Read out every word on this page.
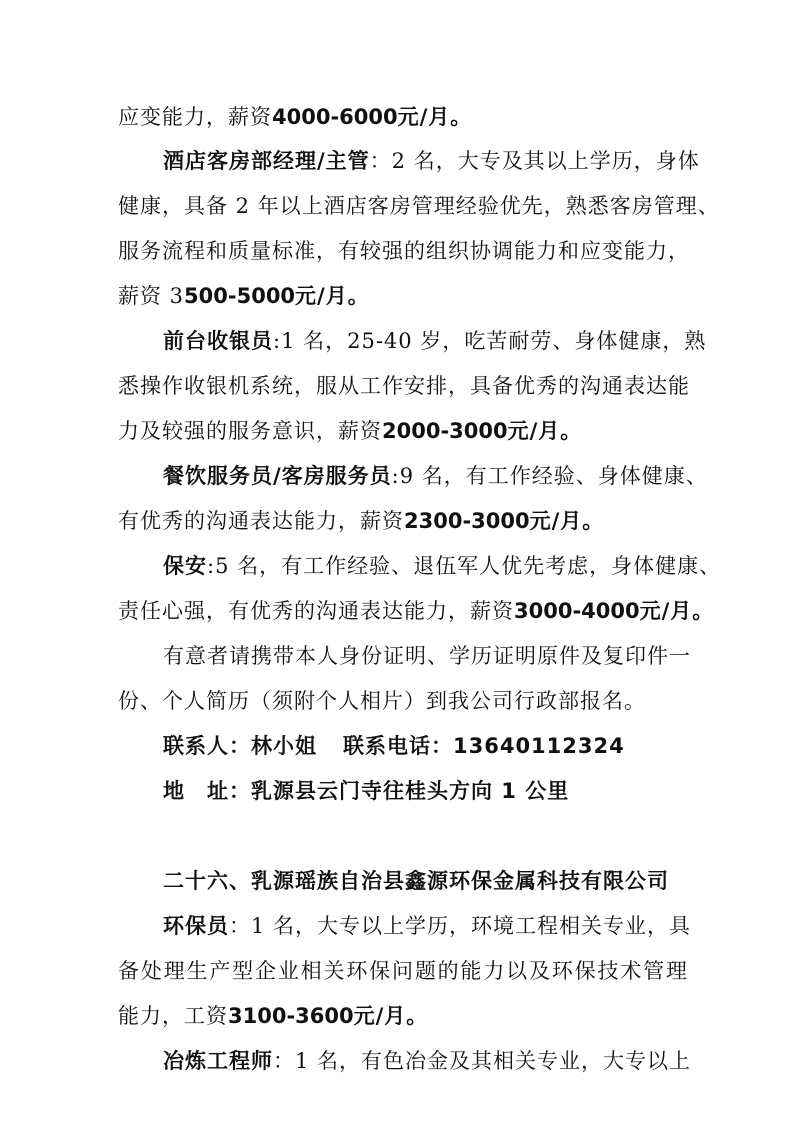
应变能力，薪资4000-6000元/月。
酒店客房部经理/主管：2 名，大专及其以上学历，身体
健康，具备 2 年以上酒店客房管理经验优先，熟悉客房管理、
服务流程和质量标准，有较强的组织协调能力和应变能力，
薪资 3500-5000元/月。
前台收银员:1 名，25-40 岁，吃苦耐劳、身体健康，熟
悉操作收银机系统，服从工作安排，具备优秀的沟通表达能
力及较强的服务意识，薪资2000-3000元/月。
餐饮服务员/客房服务员:9 名，有工作经验、身体健康、
有优秀的沟通表达能力，薪资2300-3000元/月。
保安:5 名，有工作经验、退伍军人优先考虑，身体健康、
责任心强，有优秀的沟通表达能力，薪资3000-4000元/月。
有意者请携带本人身份证明、学历证明原件及复印件一
份、个人简历（须附个人相片）到我公司行政部报名。
联系人：林小姐 联系电话：13640112324
地　址：乳源县云门寺往桂头方向 1 公里
二十六、乳源瑶族自治县鑫源环保金属科技有限公司
环保员：1 名，大专以上学历，环境工程相关专业，具
备处理生产型企业相关环保问题的能力以及环保技术管理
能力，工资3100-3600元/月。
冶炼工程师：1 名，有色冶金及其相关专业，大专以上
